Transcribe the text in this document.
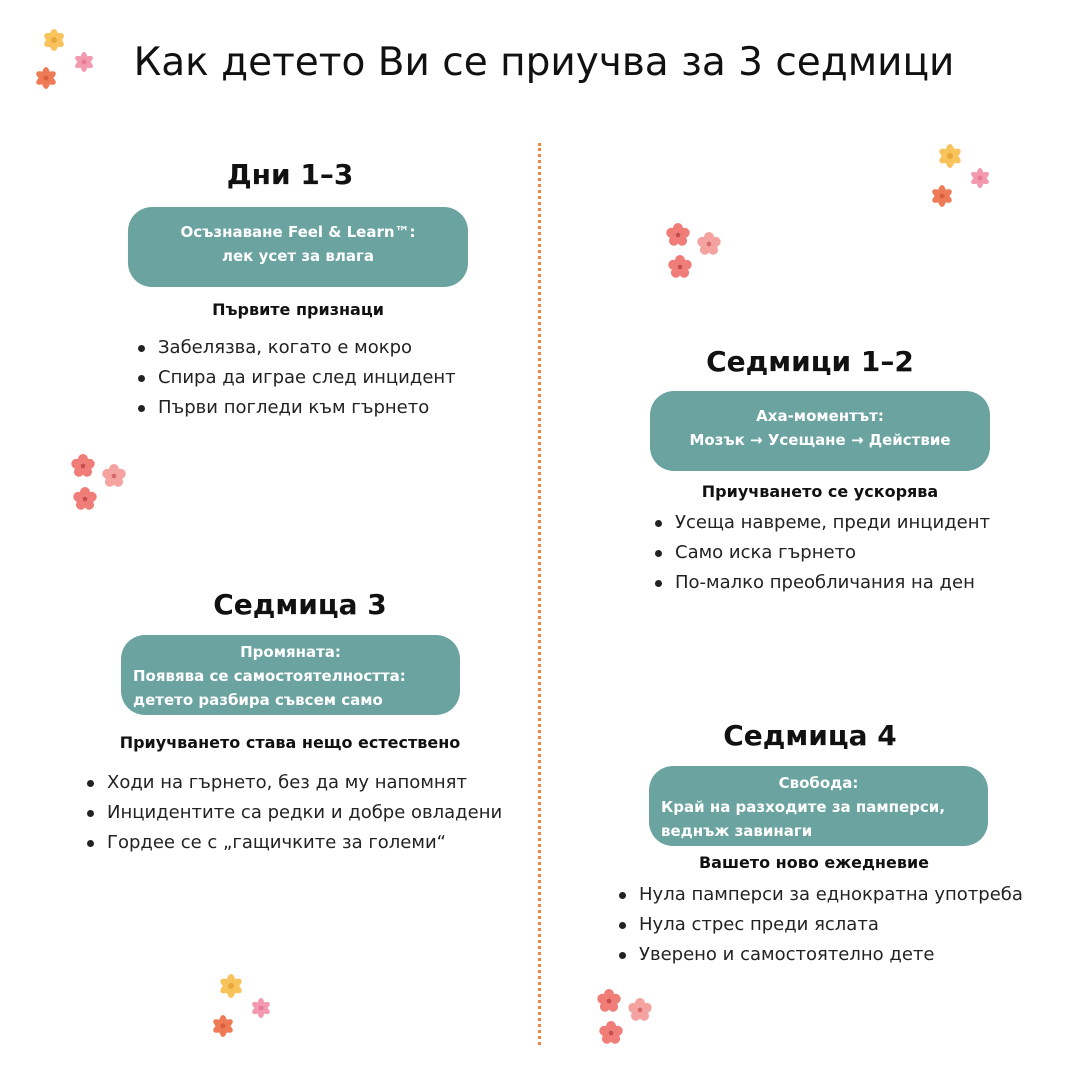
Как детето Ви се приучва за 3 седмици
Дни 1–3
Осъзнаване Feel & Learn™:
лек усет за влага
Първите признаци
Забелязва, когато е мокро
Спира да играе след инцидент
Първи погледи към гърнето
Седмици 1–2
Аха-моментът:
Мозък → Усещане → Действие
Приучването се ускорява
Усеща навреме, преди инцидент
Само иска гърнето
По-малко преобличания на ден
Седмица 3
Промяната:
Появява се самостоятелността:
детето разбира съвсем само
Приучването става нещо естествено
Ходи на гърнето, без да му напомнят
Инцидентите са редки и добре овладени
Гордее се с „гащичките за големи“
Седмица 4
Свобода:
Край на разходите за памперси,
веднъж завинаги
Вашето ново ежедневие
Нула памперси за еднократна употреба
Нула стрес преди яслата
Уверено и самостоятелно дете
